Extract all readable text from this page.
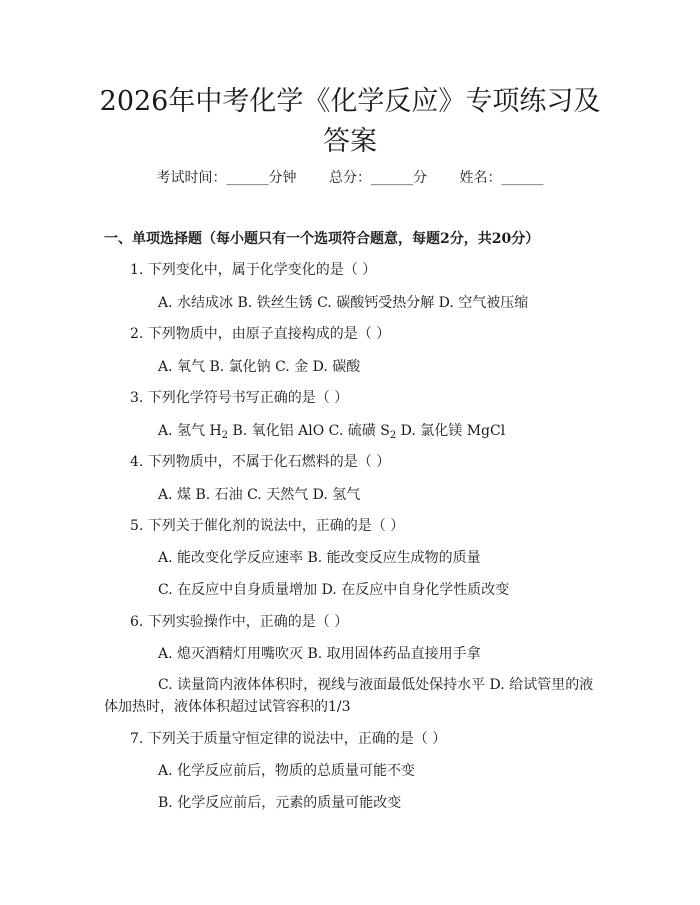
2026年中考化学《化学反应》专项练习及答案
考试时间：______分钟 总分：______分 姓名：______
一、单项选择题（每小题只有一个选项符合题意，每题2分，共20分）
1. 下列变化中，属于化学变化的是（ ）
A. 水结成冰 B. 铁丝生锈 C. 碳酸钙受热分解 D. 空气被压缩
2. 下列物质中，由原子直接构成的是（ ）
A. 氧气 B. 氯化钠 C. 金 D. 碳酸
3. 下列化学符号书写正确的是（ ）
A. 氢气 $H_2$ B. 氧化铝 AlO C. 硫磺 $S_2$ D. 氯化镁 MgCl
4. 下列物质中，不属于化石燃料的是（ ）
A. 煤 B. 石油 C. 天然气 D. 氢气
5. 下列关于催化剂的说法中，正确的是（ ）
A. 能改变化学反应速率 B. 能改变反应生成物的质量
C. 在反应中自身质量增加 D. 在反应中自身化学性质改变
6. 下列实验操作中，正确的是（ ）
A. 熄灭酒精灯用嘴吹灭 B. 取用固体药品直接用手拿
C. 读量筒内液体体积时，视线与液面最低处保持水平 D. 给试管里的液体加热时，液体体积超过试管容积的1/3
7. 下列关于质量守恒定律的说法中，正确的是（ ）
A. 化学反应前后，物质的总质量可能不变
B. 化学反应前后，元素的质量可能改变
